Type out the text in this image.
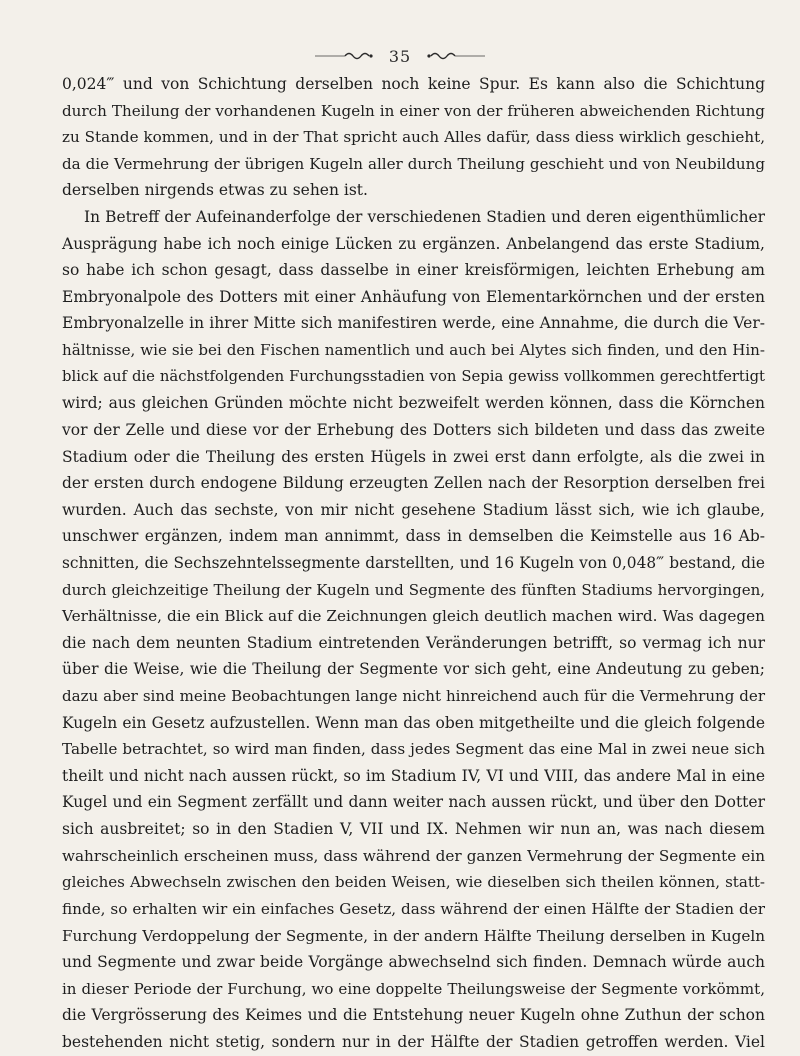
35
0,024‴ und von Schichtung derselben noch keine Spur. Es kann also die Schichtung
durch Theilung der vorhandenen Kugeln in einer von der früheren abweichenden Richtung
zu Stande kommen, und in der That spricht auch Alles dafür, dass diess wirklich geschieht,
da die Vermehrung der übrigen Kugeln aller durch Theilung geschieht und von Neubildung
derselben nirgends etwas zu sehen ist.
In Betreff der Aufeinanderfolge der verschiedenen Stadien und deren eigenthümlicher
Ausprägung habe ich noch einige Lücken zu ergänzen. Anbelangend das erste Stadium,
so habe ich schon gesagt, dass dasselbe in einer kreisförmigen, leichten Erhebung am
Embryonalpole des Dotters mit einer Anhäufung von Elementarkörnchen und der ersten
Embryonalzelle in ihrer Mitte sich manifestiren werde, eine Annahme, die durch die Ver-
hältnisse, wie sie bei den Fischen namentlich und auch bei Alytes sich finden, und den Hin-
blick auf die nächstfolgenden Furchungsstadien von Sepia gewiss vollkommen gerechtfertigt
wird; aus gleichen Gründen möchte nicht bezweifelt werden können, dass die Körnchen
vor der Zelle und diese vor der Erhebung des Dotters sich bildeten und dass das zweite
Stadium oder die Theilung des ersten Hügels in zwei erst dann erfolgte, als die zwei in
der ersten durch endogene Bildung erzeugten Zellen nach der Resorption derselben frei
wurden. Auch das sechste, von mir nicht gesehene Stadium lässt sich, wie ich glaube,
unschwer ergänzen, indem man annimmt, dass in demselben die Keimstelle aus 16 Ab-
schnitten, die Sechszehntelssegmente darstellten, und 16 Kugeln von 0,048‴ bestand, die
durch gleichzeitige Theilung der Kugeln und Segmente des fünften Stadiums hervorgingen,
Verhältnisse, die ein Blick auf die Zeichnungen gleich deutlich machen wird. Was dagegen
die nach dem neunten Stadium eintretenden Veränderungen betrifft, so vermag ich nur
über die Weise, wie die Theilung der Segmente vor sich geht, eine Andeutung zu geben;
dazu aber sind meine Beobachtungen lange nicht hinreichend auch für die Vermehrung der
Kugeln ein Gesetz aufzustellen. Wenn man das oben mitgetheilte und die gleich folgende
Tabelle betrachtet, so wird man finden, dass jedes Segment das eine Mal in zwei neue sich
theilt und nicht nach aussen rückt, so im Stadium IV, VI und VIII, das andere Mal in eine
Kugel und ein Segment zerfällt und dann weiter nach aussen rückt, und über den Dotter
sich ausbreitet; so in den Stadien V, VII und IX. Nehmen wir nun an, was nach diesem
wahrscheinlich erscheinen muss, dass während der ganzen Vermehrung der Segmente ein
gleiches Abwechseln zwischen den beiden Weisen, wie dieselben sich theilen können, statt-
finde, so erhalten wir ein einfaches Gesetz, dass während der einen Hälfte der Stadien der
Furchung Verdoppelung der Segmente, in der andern Hälfte Theilung derselben in Kugeln
und Segmente und zwar beide Vorgänge abwechselnd sich finden. Demnach würde auch
in dieser Periode der Furchung, wo eine doppelte Theilungsweise der Segmente vorkömmt,
die Vergrösserung des Keimes und die Entstehung neuer Kugeln ohne Zuthun der schon
bestehenden nicht stetig, sondern nur in der Hälfte der Stadien getroffen werden. Viel
